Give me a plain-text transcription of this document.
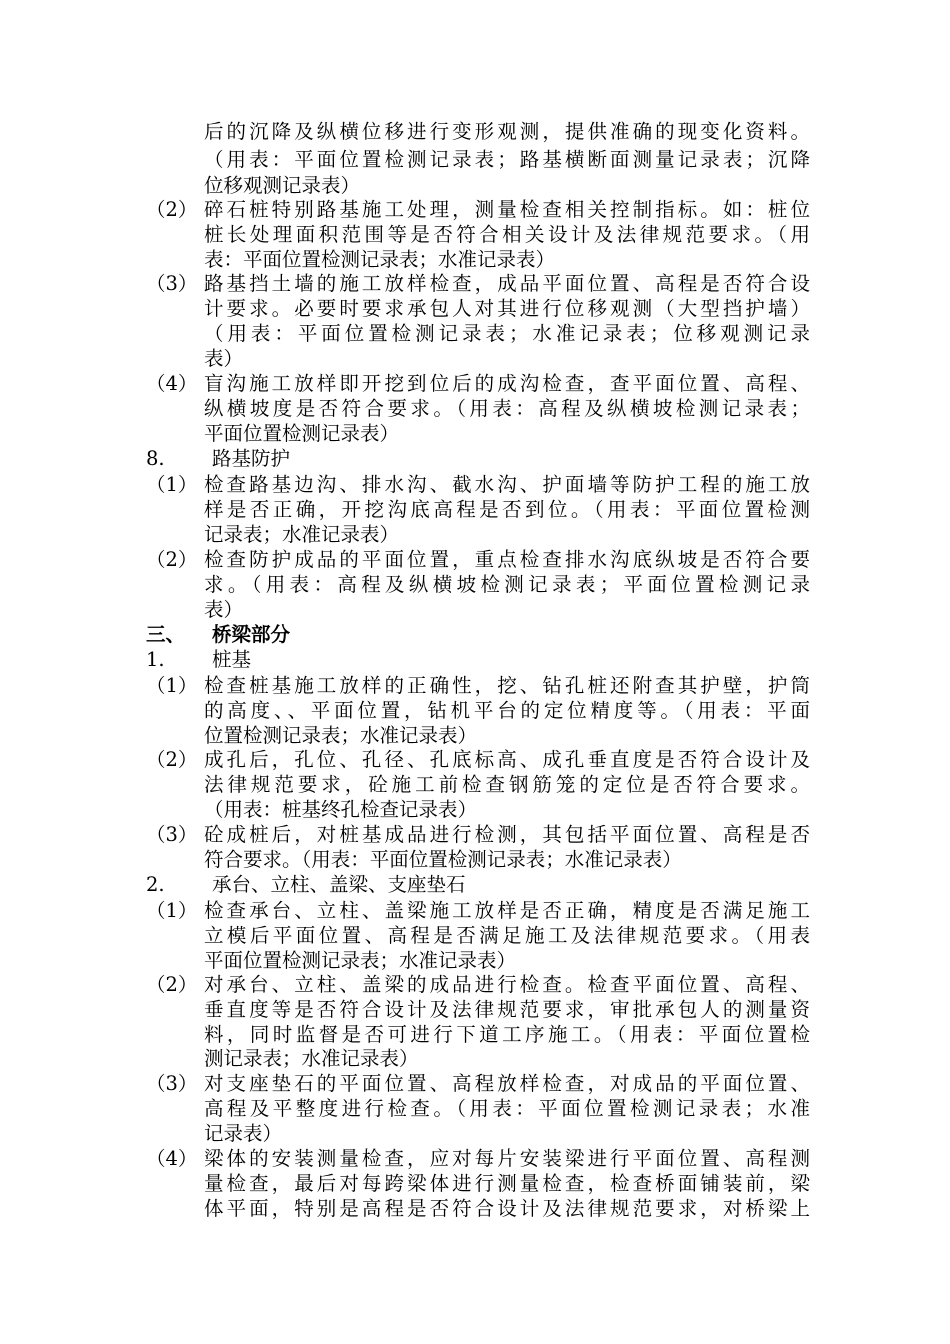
后的沉降及纵横位移进行变形观测，提供准确的现变化资料。
（用表：平面位置检测记录表；路基横断面测量记录表；沉降
位移观测记录表）
（2） 碎石桩特别路基施工处理，测量检查相关控制指标。如：桩位
桩长处理面积范围等是否符合相关设计及法律规范要求。（用
表：平面位置检测记录表；水准记录表）
（3） 路基挡土墙的施工放样检查，成品平面位置、高程是否符合设
计要求。必要时要求承包人对其进行位移观测（大型挡护墙）
（用表：平面位置检测记录表；水准记录表；位移观测记录
表）
（4） 盲沟施工放样即开挖到位后的成沟检查，查平面位置、高程、
纵横坡度是否符合要求。（用表：高程及纵横坡检测记录表；
平面位置检测记录表）
8. 路基防护
（1） 检查路基边沟、排水沟、截水沟、护面墙等防护工程的施工放
样是否正确，开挖沟底高程是否到位。（用表：平面位置检测
记录表；水准记录表）
（2） 检查防护成品的平面位置，重点检查排水沟底纵坡是否符合要
求。（用表：高程及纵横坡检测记录表；平面位置检测记录
表）
三、 桥梁部分
1. 桩基
（1） 检查桩基施工放样的正确性，挖、钻孔桩还附查其护壁，护筒
的高度、、平面位置，钻机平台的定位精度等。（用表：平面
位置检测记录表；水准记录表）
（2） 成孔后，孔位、孔径、孔底标高、成孔垂直度是否符合设计及
法律规范要求，砼施工前检查钢筋笼的定位是否符合要求。
（用表：桩基终孔检查记录表）
（3） 砼成桩后，对桩基成品进行检测，其包括平面位置、高程是否
符合要求。（用表：平面位置检测记录表；水准记录表）
2. 承台、立柱、盖梁、支座垫石
（1） 检查承台、立柱、盖梁施工放样是否正确，精度是否满足施工
立模后平面位置、高程是否满足施工及法律规范要求。（用表
平面位置检测记录表；水准记录表）
（2） 对承台、立柱、盖梁的成品进行检查。检查平面位置、高程、
垂直度等是否符合设计及法律规范要求，审批承包人的测量资
料，同时监督是否可进行下道工序施工。（用表：平面位置检
测记录表；水准记录表）
（3） 对支座垫石的平面位置、高程放样检查，对成品的平面位置、
高程及平整度进行检查。（用表：平面位置检测记录表；水准
记录表）
（4） 梁体的安装测量检查，应对每片安装梁进行平面位置、高程测
量检查，最后对每跨梁体进行测量检查，检查桥面铺装前，梁
体平面，特别是高程是否符合设计及法律规范要求，对桥梁上
